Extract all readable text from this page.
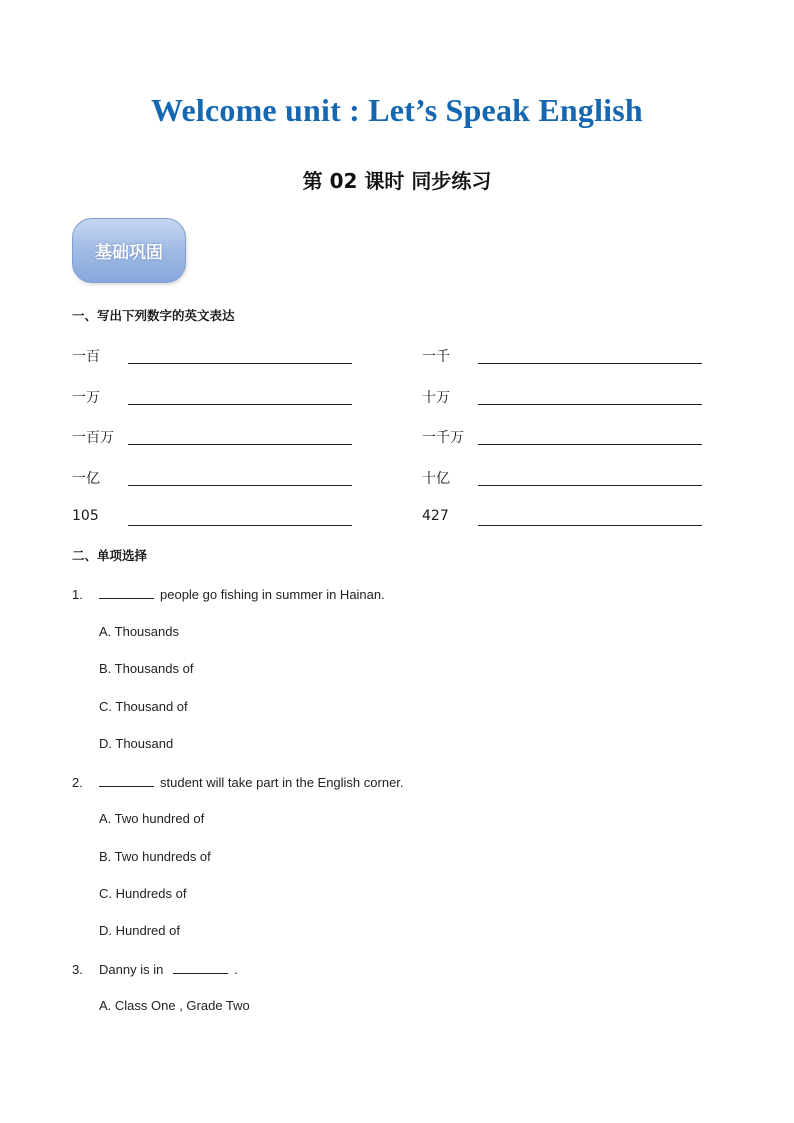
Welcome unit : Let’s Speak English
第 02 课时 同步练习
基础巩固
一、写出下列数字的英文表达
一百	一千
一万	十万
一百万	一千万
一亿	十亿
105	427
二、单项选择
1.	people go fishing in summer in Hainan.
A. Thousands
B. Thousands of
C. Thousand of
D. Thousand
2.	student will take part in the English corner.
A. Two hundred of
B. Two hundreds of
C. Hundreds of
D. Hundred of
3. Danny is in	.
A. Class One , Grade Two
